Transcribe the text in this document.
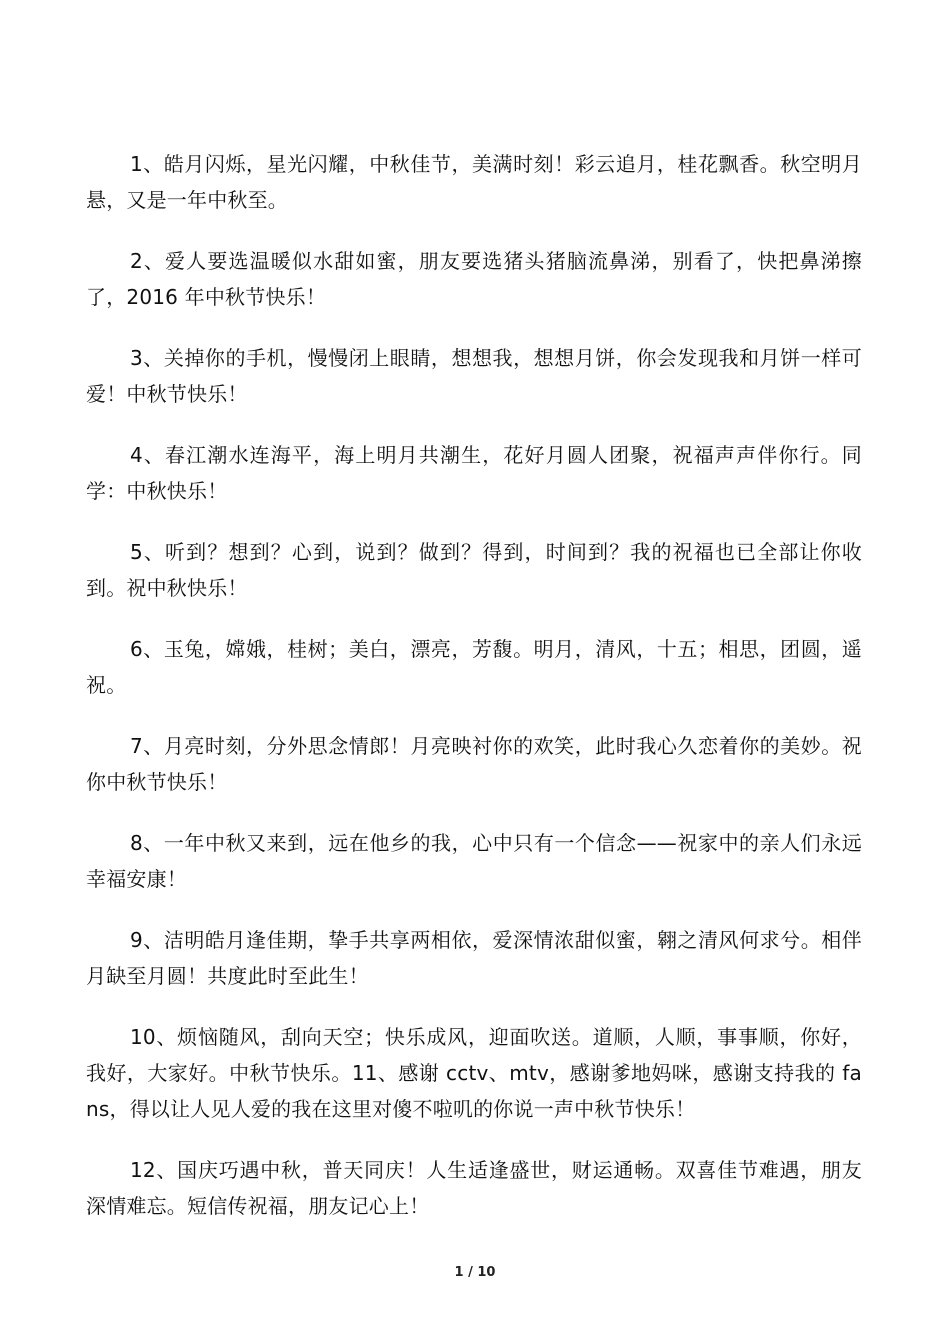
1、皓月闪烁，星光闪耀，中秋佳节，美满时刻！彩云追月，桂花飘香。秋空明月悬，又是一年中秋至。

2、爱人要选温暖似水甜如蜜，朋友要选猪头猪脑流鼻涕，别看了，快把鼻涕擦了，2016 年中秋节快乐！

3、关掉你的手机，慢慢闭上眼睛，想想我，想想月饼，你会发现我和月饼一样可爱！中秋节快乐！

4、春江潮水连海平，海上明月共潮生，花好月圆人团聚，祝福声声伴你行。同学：中秋快乐！

5、听到？想到？心到，说到？做到？得到，时间到？我的祝福也已全部让你收到。祝中秋快乐！

6、玉兔，嫦娥，桂树；美白，漂亮，芳馥。明月，清风，十五；相思，团圆，遥祝。

7、月亮时刻，分外思念情郎！月亮映衬你的欢笑，此时我心久恋着你的美妙。祝你中秋节快乐！

8、一年中秋又来到，远在他乡的我，心中只有一个信念——祝家中的亲人们永远幸福安康！

9、洁明皓月逢佳期，挚手共享两相依，爱深情浓甜似蜜，翱之清风何求兮。相伴月缺至月圆！共度此时至此生！

10、烦恼随风，刮向天空；快乐成风，迎面吹送。道顺，人顺，事事顺，你好，我好，大家好。中秋节快乐。11、感谢 cctv、mtv，感谢爹地妈咪，感谢支持我的 fans，得以让人见人爱的我在这里对傻不啦叽的你说一声中秋节快乐！

12、国庆巧遇中秋，普天同庆！人生适逢盛世，财运通畅。双喜佳节难遇，朋友深情难忘。短信传祝福，朋友记心上！

1 / 10
